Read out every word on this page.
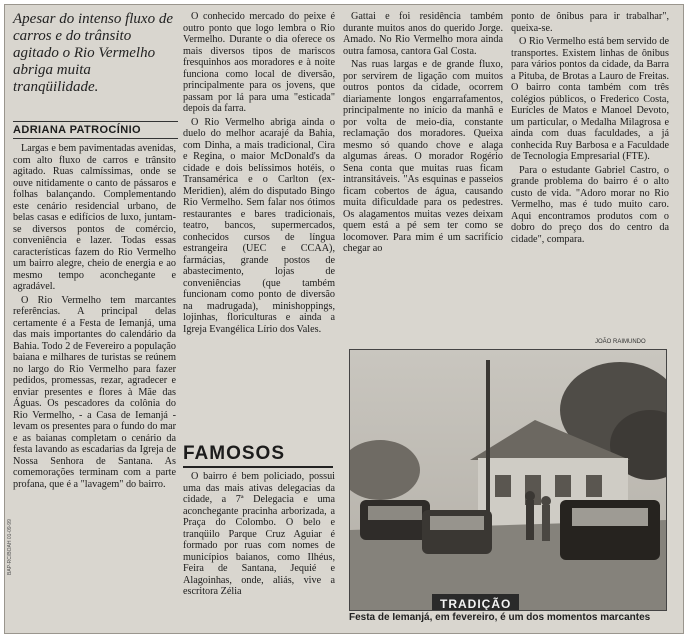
Apesar do intenso fluxo de carros e do trânsito agitado o Rio Vermelho abriga muita tranqüilidade.
ADRIANA PATROCÍNIO
BAP-RC/BOAH 01-09-99

Largas e bem pavimentadas avenidas, com alto fluxo de carros e trânsito agitado. Ruas calmíssimas, onde se ouve nitidamente o canto de pássaros e folhas balançando. Complementando este cenário residencial urbano, de belas casas e edifícios de luxo, juntam-se diversos pontos de comércio, conveniência e lazer. Todas essas características fazem do Rio Vermelho um bairro alegre, cheio de energia e ao mesmo tempo aconchegante e agradável.

O Rio Vermelho tem marcantes referências. A principal delas certamente é a Festa de Iemanjá, uma das mais importantes do calendário da Bahia. Todo 2 de Fevereiro a população baiana e milhares de turistas se reúnem no largo do Rio Vermelho para fazer pedidos, promessas, rezar, agradecer e enviar presentes e flores à Mãe das Águas. Os pescadores da colônia do Rio Vermelho, - a Casa de Iemanjá - levam os presentes para o fundo do mar e as baianas completam o cenário da festa lavando as escadarias da Igreja de Nossa Senhora de Santana. As comemorações terminam com a parte profana, que é a "lavagem" do bairro.

O conhecido mercado do peixe é outro ponto que logo lembra o Rio Vermelho. Durante o dia oferece os mais diversos tipos de mariscos fresquinhos aos moradores e à noite funciona como local de diversão, principalmente para os jovens, que passam por lá para uma "esticada" depois da farra.

O Rio Vermelho abriga ainda o duelo do melhor acarajé da Bahia, com Dinha, a mais tradicional, Cira e Regina, o maior McDonald's da cidade e dois belíssimos hotéis, o Transamérica e o Carlton (ex-Meridien), além do disputado Bingo Rio Vermelho. Sem falar nos ótimos restaurantes e bares tradicionais, teatro, bancos, supermercados, conhecidos cursos de língua estrangeira (UEC e CCAA), farmácias, grande postos de abastecimento, lojas de conveniências (que também funcionam como ponto de diversão na madrugada), minishoppings, lojinhas, floriculturas e ainda a Igreja Evangélica Lírio dos Vales.

FAMOSOS

O bairro é bem policiado, possui uma das mais ativas delegacias da cidade, a 7ª Delegacia e uma aconchegante pracinha arborizada, a Praça do Colombo. O belo e tranqüilo Parque Cruz Aguiar é formado por ruas com nomes de municípios baianos, como Ilhéus, Feira de Santana, Jequié e Alagoinhas, onde, aliás, vive a escritora Zélia

Gattai e foi residência também durante muitos anos do querido Jorge. Amado. No Rio Vermelho mora ainda outra famosa, cantora Gal Costa.

Nas ruas largas e de grande fluxo, por servirem de ligação com muitos outros pontos da cidade, ocorrem diariamente longos engarrafamentos, principalmente no início da manhã e por volta de meio-dia, constante reclamação dos moradores. Queixa mesmo só quando chove e alaga algumas áreas. O morador Rogério Sena conta que muitas ruas ficam intransitáveis. "As esquinas e passeios ficam cobertos de água, causando muita dificuldade para os pedestres. Os alagamentos muitas vezes deixam quem está a pé sem ter como se locomover. Para mim é um sacrifício chegar ao

ponto de ônibus para ir trabalhar", queixa-se.

O Rio Vermelho está bem servido de transportes. Existem linhas de ônibus para vários pontos da cidade, da Barra a Pituba, de Brotas a Lauro de Freitas. O bairro conta também com três colégios públicos, o Frederico Costa, Eurícles de Matos e Manoel Devoto, um particular, o Medalha Milagrosa e ainda com duas faculdades, a já conhecida Ruy Barbosa e a Faculdade de Tecnologia Empresarial (FTE).

Para o estudante Gabriel Castro, o grande problema do bairro é o alto custo de vida. "Adoro morar no Rio Vermelho, mas é tudo muito caro. Aqui encontramos produtos com o dobro do preço dos do centro da cidade", compara.

JOÃO RAIMUNDO
TRADIÇÃO
Festa de Iemanjá, em fevereiro, é um dos momentos marcantes
